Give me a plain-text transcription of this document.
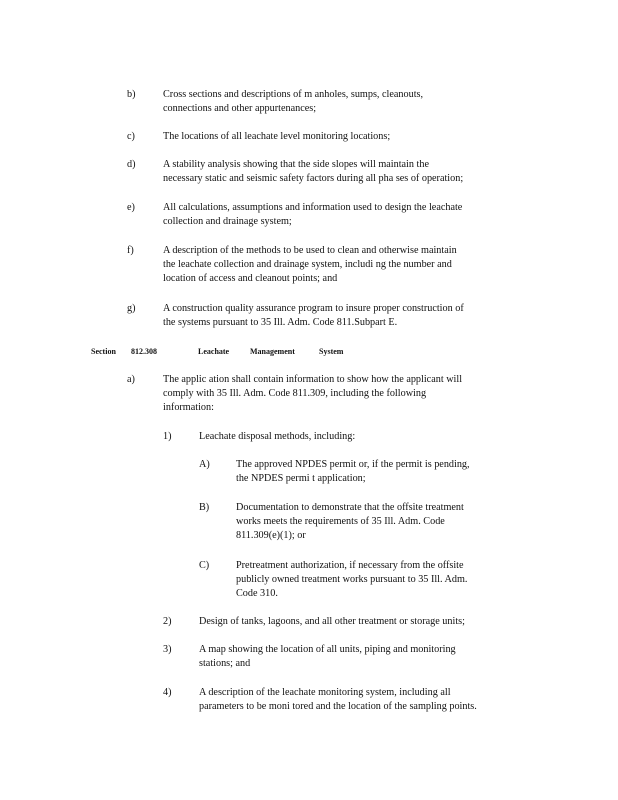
b)	Cross sections and descriptions of m anholes, sumps, cleanouts,
connections and other appurtenances;
c)	The locations of all leachate level monitoring locations;
d)	A stability analysis showing that the side slopes will maintain the
necessary static and seismic safety factors during all pha ses of operation;
e)	All calculations, assumptions and information used to design the leachate
collection and drainage system;
f)	A description of the methods to be used to clean and otherwise maintain
the leachate collection and drainage system, includi ng the number and
location of access and cleanout points; and
g)	A construction quality assurance program to insure proper construction of
the systems pursuant to 35 Ill. Adm. Code 811.Subpart E.
Section 812.308	Leachate	Management	System
a)	The applic ation shall contain information to show how the applicant will
comply with 35 Ill. Adm. Code 811.309, including the following
information:
1)	Leachate disposal methods, including:
A)	The approved NPDES permit or, if the permit is pending,
the NPDES permi t application;
B)	Documentation to demonstrate that the offsite treatment
works meets the requirements of 35 Ill. Adm. Code
811.309(e)(1); or
C)	Pretreatment authorization, if necessary from the offsite
publicly owned treatment works pursuant to 35 Ill. Adm.
Code 310.
2)	Design of tanks, lagoons, and all other treatment or storage units;
3)	A map showing the location of all units, piping and monitoring
stations; and
4)	A description of the leachate monitoring system, including all
parameters to be moni tored and the location of the sampling points.
